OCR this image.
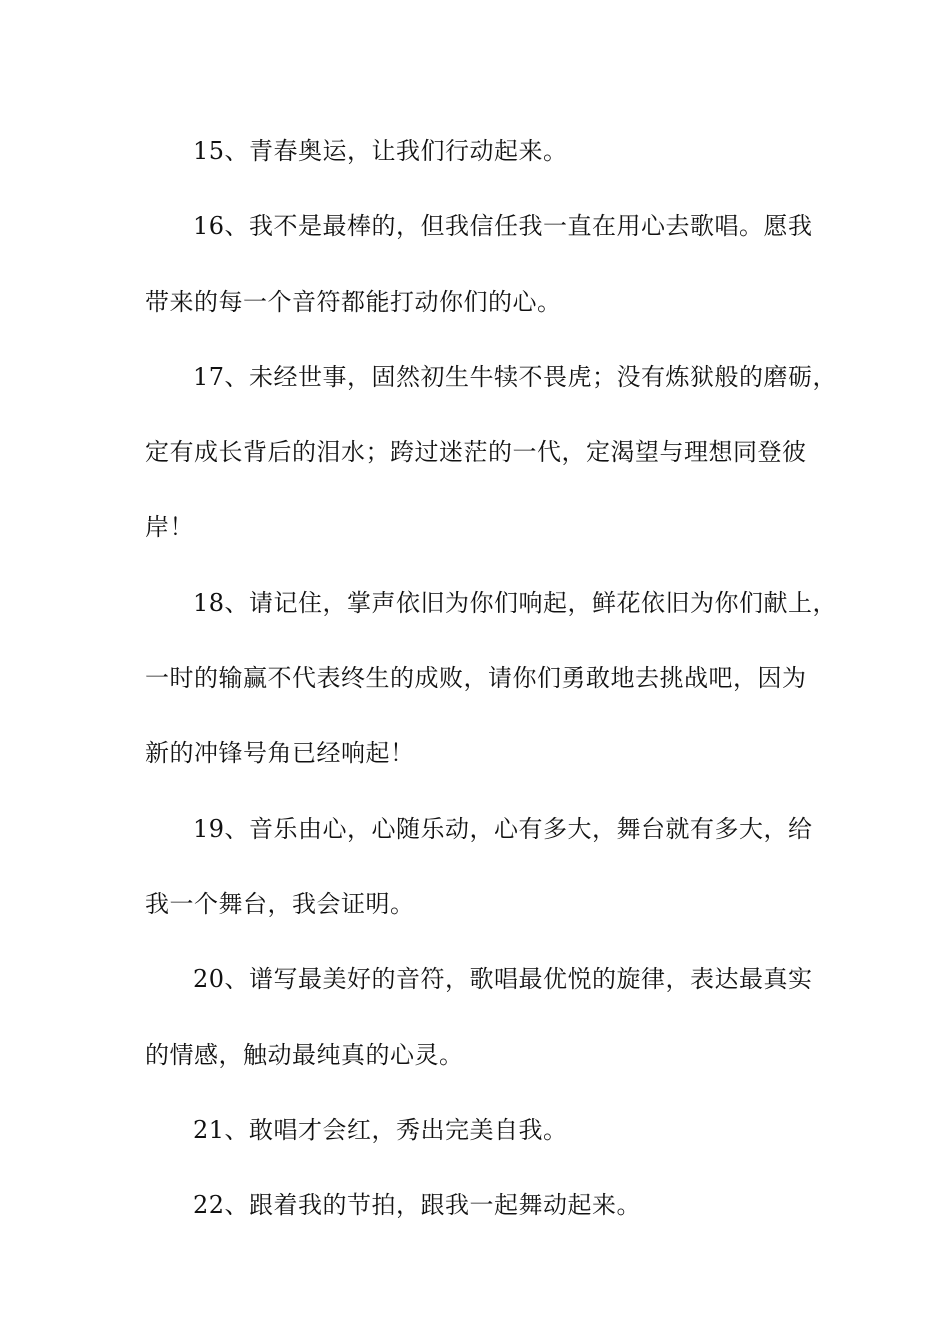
15、青春奥运，让我们行动起来。
16、我不是最棒的，但我信任我一直在用心去歌唱。愿我
带来的每一个音符都能打动你们的心。
17、未经世事，固然初生牛犊不畏虎；没有炼狱般的磨砺，
定有成长背后的泪水；跨过迷茫的一代，定渴望与理想同登彼
岸！
18、请记住，掌声依旧为你们响起，鲜花依旧为你们献上，
一时的输赢不代表终生的成败，请你们勇敢地去挑战吧，因为
新的冲锋号角已经响起！
19、音乐由心，心随乐动，心有多大，舞台就有多大，给
我一个舞台，我会证明。
20、谱写最美好的音符，歌唱最优悦的旋律，表达最真实
的情感，触动最纯真的心灵。
21、敢唱才会红，秀出完美自我。
22、跟着我的节拍，跟我一起舞动起来。
